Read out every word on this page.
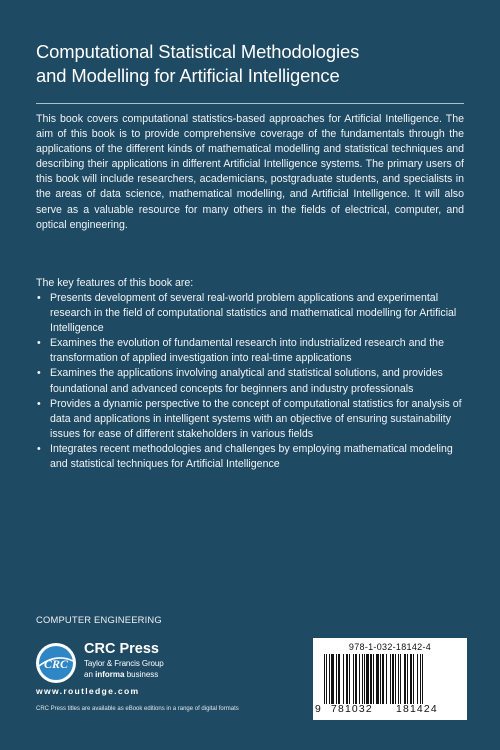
Computational Statistical Methodologies
and Modelling for Artificial Intelligence

This book covers computational statistics-based approaches for Artificial Intelligence. The aim of this book is to provide comprehensive coverage of the fundamentals through the applications of the different kinds of mathematical modelling and statistical techniques and describing their applications in different Artificial Intelligence systems. The primary users of this book will include researchers, academicians, postgraduate students, and specialists in the areas of data science, mathematical modelling, and Artificial Intelligence. It will also serve as a valuable resource for many others in the fields of electrical, computer, and optical engineering.

The key features of this book are:

• Presents development of several real-world problem applications and experimental research in the field of computational statistics and mathematical modelling for Artificial Intelligence
• Examines the evolution of fundamental research into industrialized research and the transformation of applied investigation into real-time applications
• Examines the applications involving analytical and statistical solutions, and provides foundational and advanced concepts for beginners and industry professionals
• Provides a dynamic perspective to the concept of computational statistics for analysis of data and applications in intelligent systems with an objective of ensuring sustainability issues for ease of different stakeholders in various fields
• Integrates recent methodologies and challenges by employing mathematical modeling and statistical techniques for Artificial Intelligence
COMPUTER ENGINEERING
CRC
CRC Press
Taylor & Francis Group
an informa business
www.routledge.com
CRC Press titles are available as eBook editions in a range of digital formats
978-1-032-18142-4
9 781032 181424
